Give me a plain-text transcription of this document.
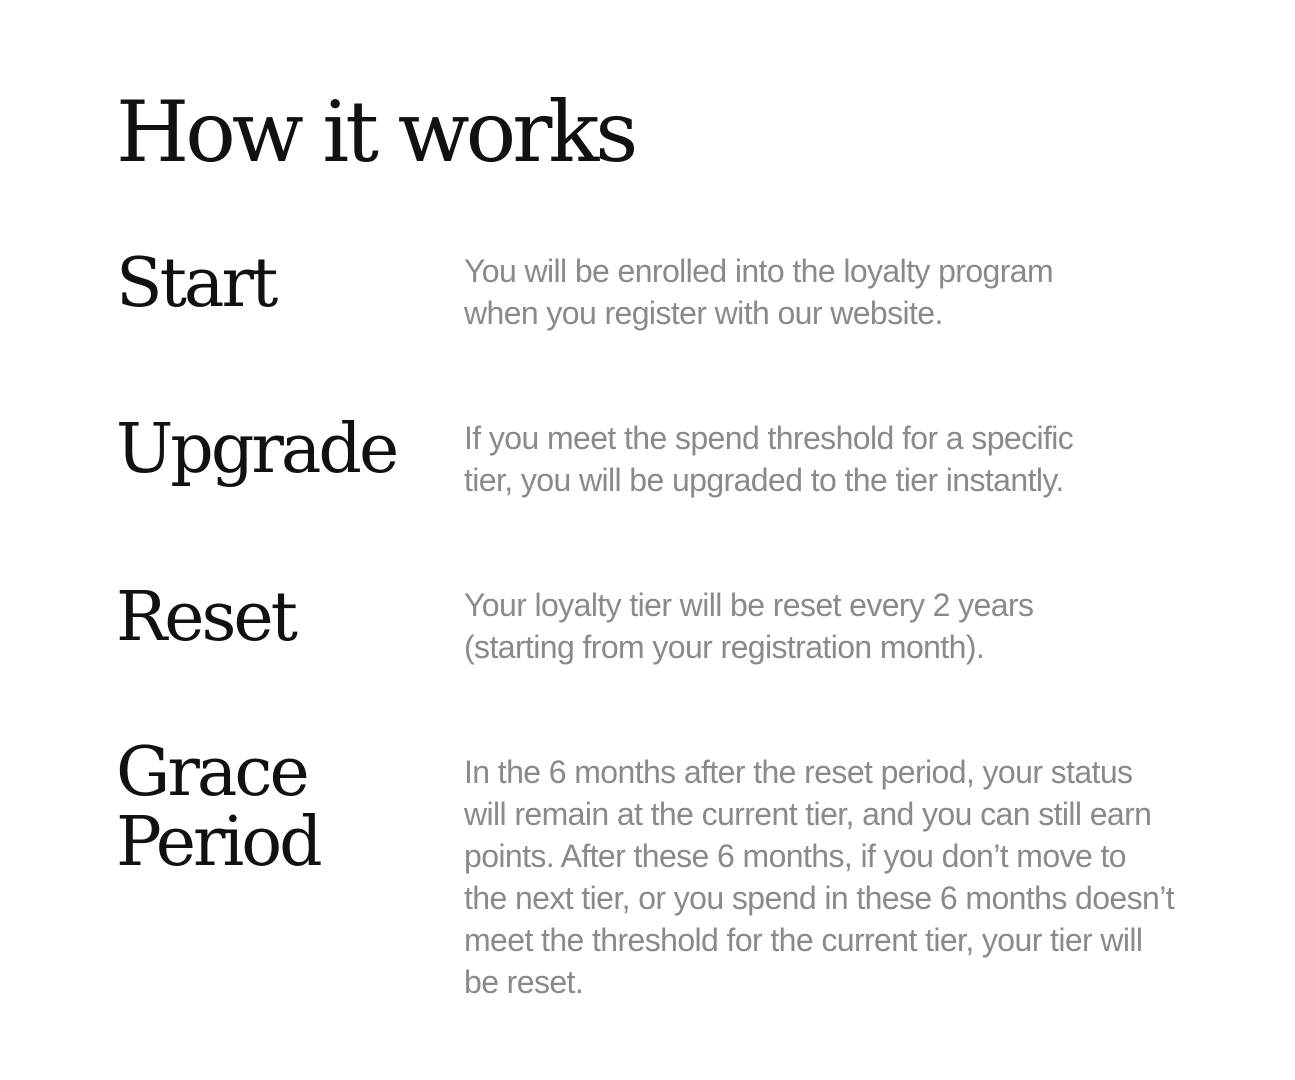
How it works
Start	You will be enrolled into the loyalty program
when you register with our website.

Upgrade If you meet the spend threshold for a specific
tier, you will be upgraded to the tier instantly.

Reset	Your loyalty tier will be reset every 2 years
(starting from your registration month).

Grace
Period

In the 6 months after the reset period, your status
will remain at the current tier, and you can still earn
points. After these 6 months, if you don’t move to
the next tier, or you spend in these 6 months doesn’t
meet the threshold for the current tier, your tier will
be reset.
